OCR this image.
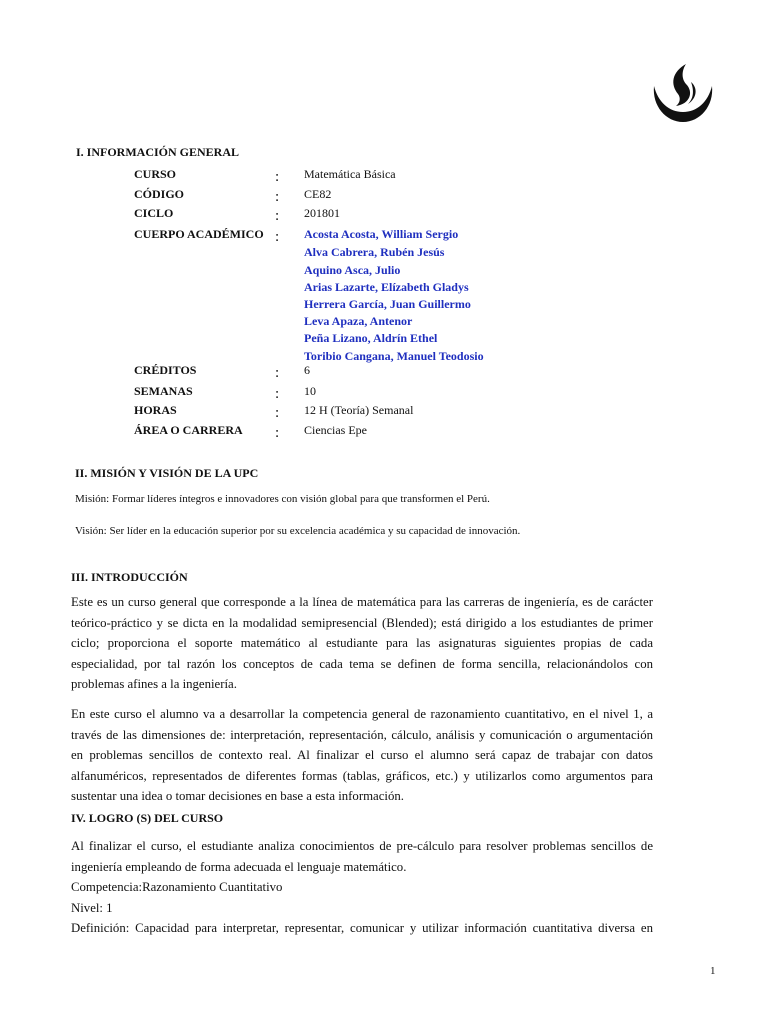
I. INFORMACIÓN GENERAL
CURSO	: Matemática Básica
CÓDIGO	: CE82
CICLO	: 201801
CUERPO ACADÉMICO : Acosta Acosta, William Sergio
Alva Cabrera, Rubén Jesús
Aquino Asca, Julio
Arias Lazarte, Elízabeth Gladys
Herrera García, Juan Guillermo
Leva Apaza, Antenor
Peña Lizano, Aldrín Ethel
Toribio Cangana, Manuel Teodosio
CRÉDITOS	: 6
SEMANAS	: 10
HORAS	: 12 H (Teoría) Semanal
ÁREA O CARRERA : Ciencias Epe
II. MISIÓN Y VISIÓN DE LA UPC
Misión: Formar líderes íntegros e innovadores con visión global para que transformen el Perú.
Visión: Ser líder en la educación superior por su excelencia académica y su capacidad de innovación.
III. INTRODUCCIÓN
Este es un curso general que corresponde a la línea de matemática para las carreras de ingeniería, es de carácter
teórico-práctico y se dicta en la modalidad semipresencial (Blended); está dirigido a los estudiantes de primer
ciclo; proporciona el soporte matemático al estudiante para las asignaturas siguientes propias de cada
especialidad, por tal razón los conceptos de cada tema se definen de forma sencilla, relacionándolos con
problemas afines a la ingeniería.
En este curso el alumno va a desarrollar la competencia general de razonamiento cuantitativo, en el nivel 1, a
través de las dimensiones de: interpretación, representación, cálculo, análisis y comunicación o argumentación
en problemas sencillos de contexto real. Al finalizar el curso el alumno será capaz de trabajar con datos
alfanuméricos, representados de diferentes formas (tablas, gráficos, etc.) y utilizarlos como argumentos para
sustentar una idea o tomar decisiones en base a esta información.
IV. LOGRO (S) DEL CURSO
Al finalizar el curso, el estudiante analiza conocimientos de pre-cálculo para resolver problemas sencillos de
ingeniería empleando de forma adecuada el lenguaje matemático.
Competencia:Razonamiento Cuantitativo
Nivel: 1
Definición: Capacidad para interpretar, representar, comunicar y utilizar información cuantitativa diversa en
1
